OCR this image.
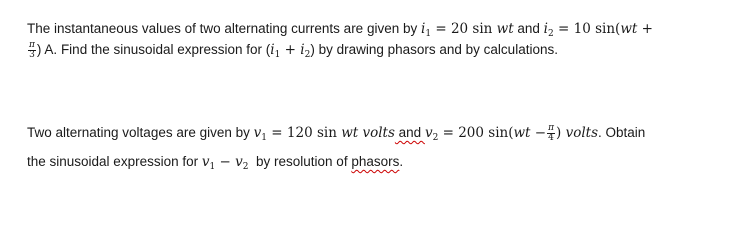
The instantaneous values of two alternating currents are given by $i_1 = 20$ sin wt and $i_2 = 10$ sin(wt +
$\frac{\pi}{3}$ ) A. Find the sinusoidal expression for $(i_1 + i_2)$ by drawing phasors and by calculations.
Two alternating voltages are given by $v_1 = 120$ sin wt volts and $v_2 = 200$ $\sin(wt - \frac{\pi}{4}$ ) volts. Obtain
the sinusoidal expression for $v_1 - v_2$  by resolution of phasors.
